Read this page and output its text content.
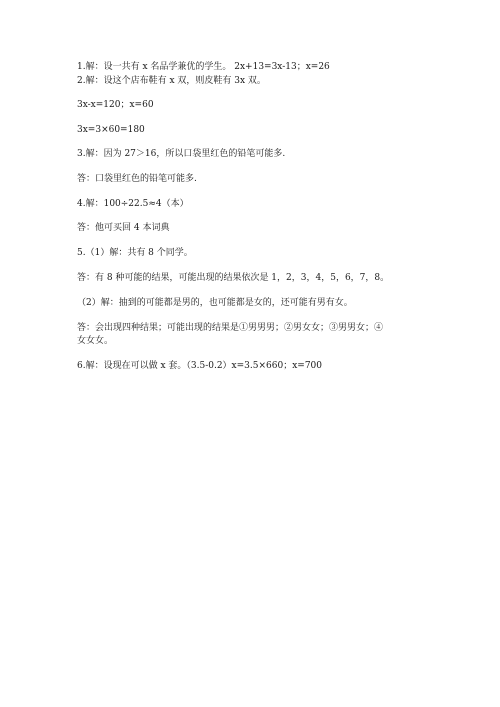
1.解：设一共有 x 名品学兼优的学生。 2x+13=3x-13；x=26
2.解：设这个店布鞋有 x 双，则皮鞋有 3x 双。
3x-x=120；x=60
3x=3×60=180
3.解：因为 27＞16，所以口袋里红色的铅笔可能多.
答：口袋里红色的铅笔可能多.
4.解：100÷22.5≈4（本）
答：他可买回 4 本词典
5.（1）解：共有 8 个同学。
答：有 8 种可能的结果，可能出现的结果依次是 1，2，3，4，5，6，7，8。
（2）解：抽到的可能都是男的，也可能都是女的，还可能有男有女。
答：会出现四种结果；可能出现的结果是①男男男；②男女女；③男男女；④
女女女。
6.解：设现在可以做 x 套。（3.5-0.2）x=3.5×660；x=700
